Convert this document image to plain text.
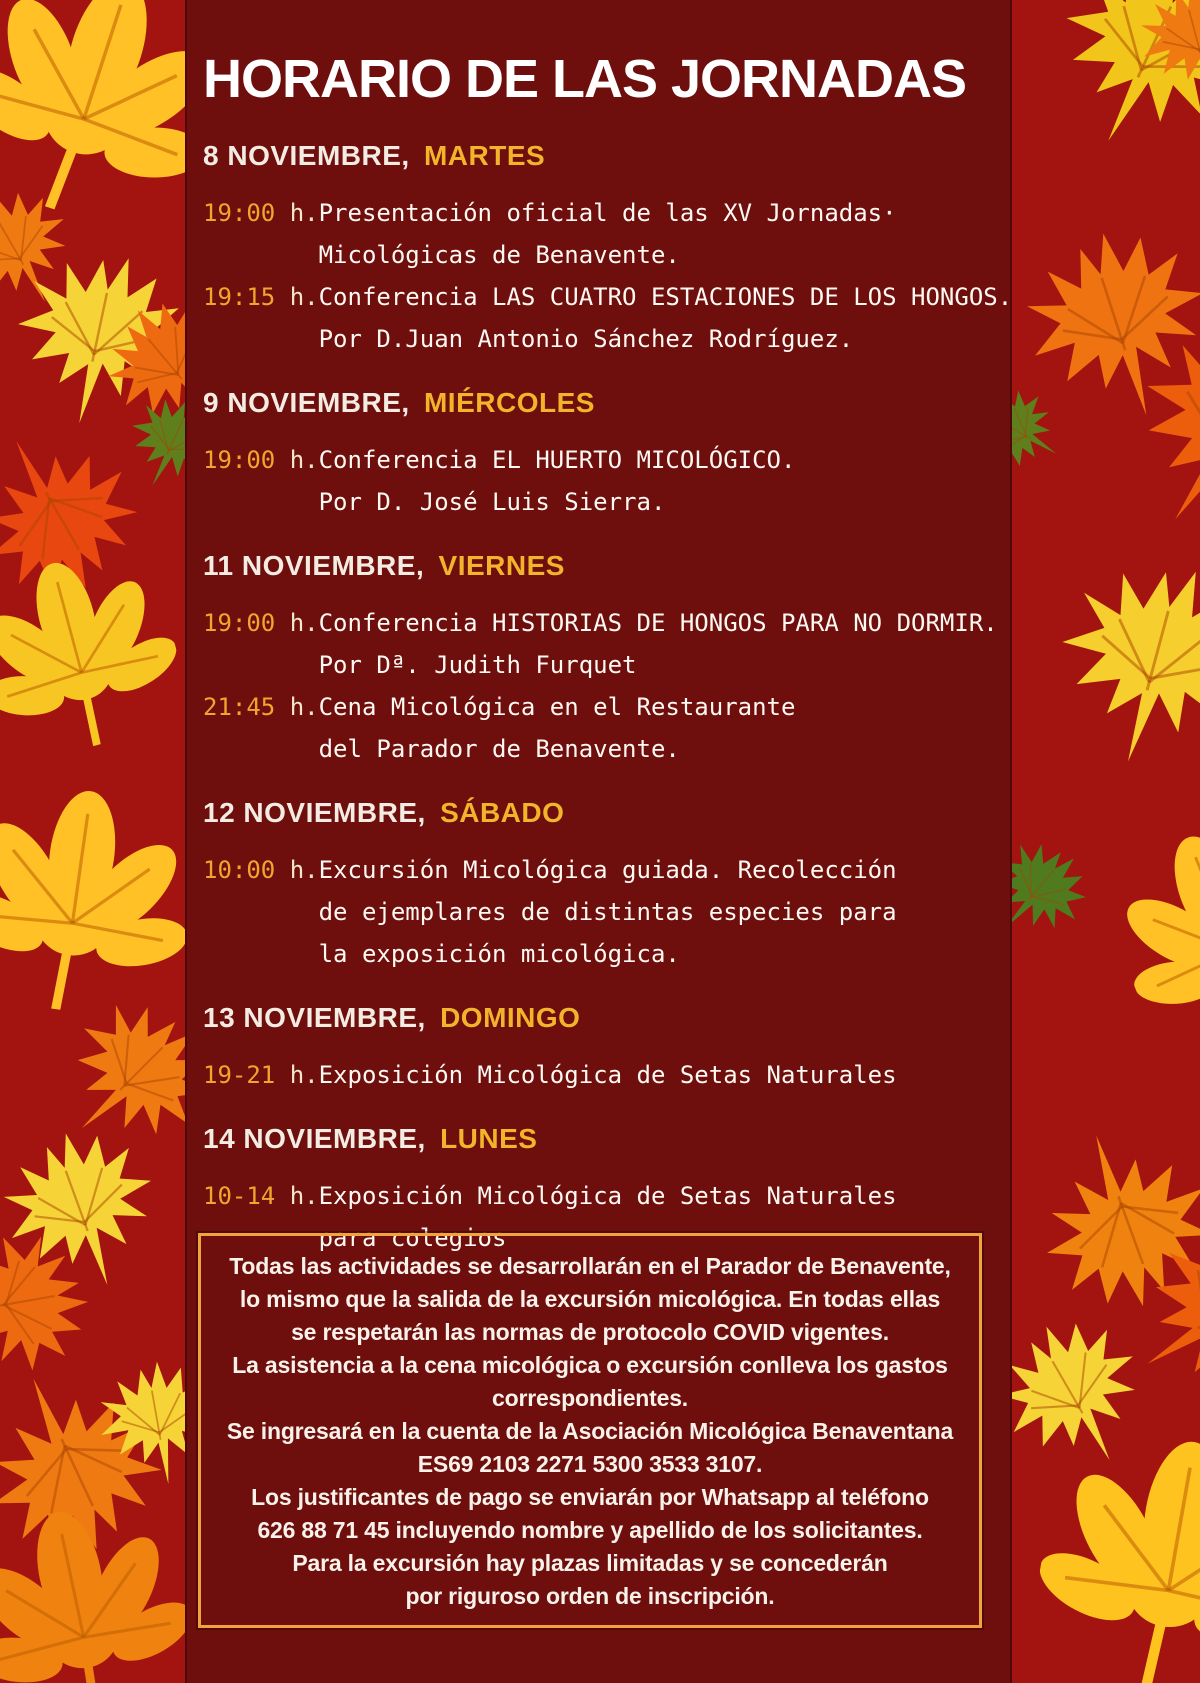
HORARIO DE LAS JORNADAS
8 NOVIEMBRE, MARTES
19:00 h. Presentación oficial de las XV Jornadas·
Micológicas de Benavente.
19:15 h. Conferencia LAS CUATRO ESTACIONES DE LOS HONGOS.
Por D.Juan Antonio Sánchez Rodríguez.
9 NOVIEMBRE, MIÉRCOLES
19:00 h. Conferencia EL HUERTO MICOLÓGICO.
Por D. José Luis Sierra.
11 NOVIEMBRE, VIERNES
19:00 h. Conferencia HISTORIAS DE HONGOS PARA NO DORMIR.
Por Dª. Judith Furquet
21:45 h. Cena Micológica en el Restaurante
del Parador de Benavente.
12 NOVIEMBRE, SÁBADO
10:00 h. Excursión Micológica guiada. Recolección
de ejemplares de distintas especies para
la exposición micológica.
13 NOVIEMBRE, DOMINGO
19-21 h. Exposición Micológica de Setas Naturales
14 NOVIEMBRE, LUNES
10-14 h. Exposición Micológica de Setas Naturales
para colegios
Todas las actividades se desarrollarán en el Parador de Benavente,
lo mismo que la salida de la excursión micológica. En todas ellas
se respetarán las normas de protocolo COVID vigentes.
La asistencia a la cena micológica o excursión conlleva los gastos
correspondientes.
Se ingresará en la cuenta de la Asociación Micológica Benaventana
ES69 2103 2271 5300 3533 3107.
Los justificantes de pago se enviarán por Whatsapp al teléfono
626 88 71 45 incluyendo nombre y apellido de los solicitantes.
Para la excursión hay plazas limitadas y se concederán
por riguroso orden de inscripción.
